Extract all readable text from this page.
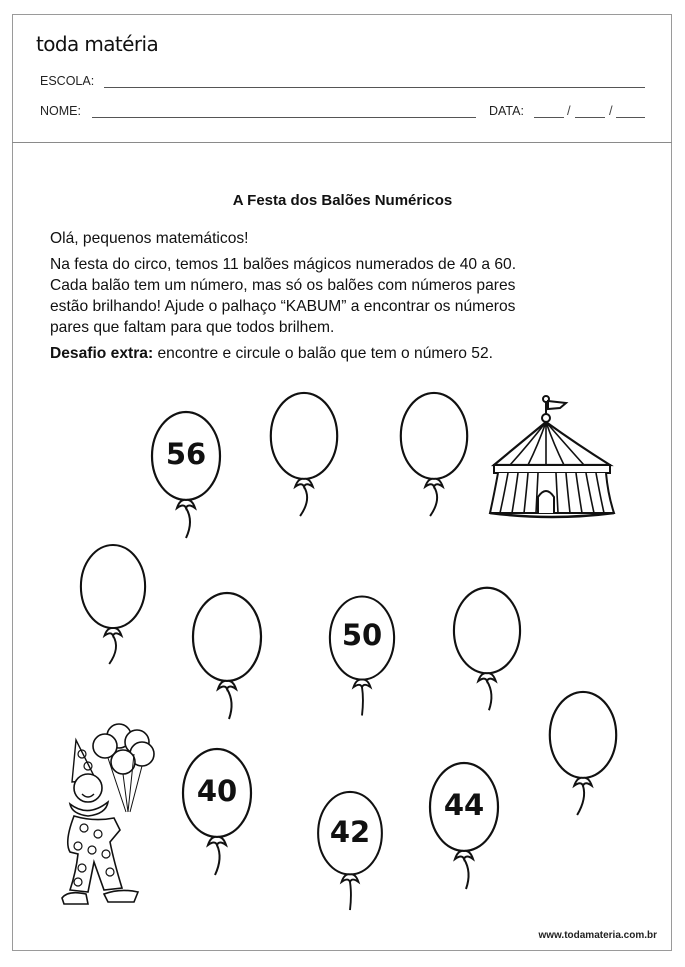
toda matéria
ESCOLA:
NOME:	DATA:	/	/
A Festa dos Balões Numéricos
Olá, pequenos matemáticos!
Na festa do circo, temos 11 balões mágicos numerados de 40 a 60.
Cada balão tem um número, mas só os balões com números pares
estão brilhando! Ajude o palhaço “KABUM” a encontrar os números
pares que faltam para que todos brilhem.
Desafio extra: encontre e circule o balão que tem o número 52.
56
50
40
42
44
www.todamateria.com.br
